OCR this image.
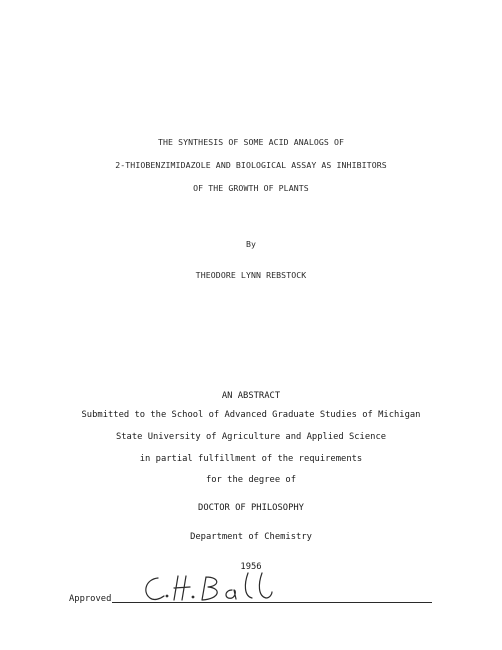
THE SYNTHESIS OF SOME ACID ANALOGS OF
2-THIOBENZIMIDAZOLE AND BIOLOGICAL ASSAY AS INHIBITORS
OF THE GROWTH OF PLANTS
By
THEODORE LYNN REBSTOCK
AN ABSTRACT
Submitted to the School of Advanced Graduate Studies of Michigan
State University of Agriculture and Applied Science
in partial fulfillment of the requirements
for the degree of
DOCTOR OF PHILOSOPHY
Department of Chemistry
1956
Approved
